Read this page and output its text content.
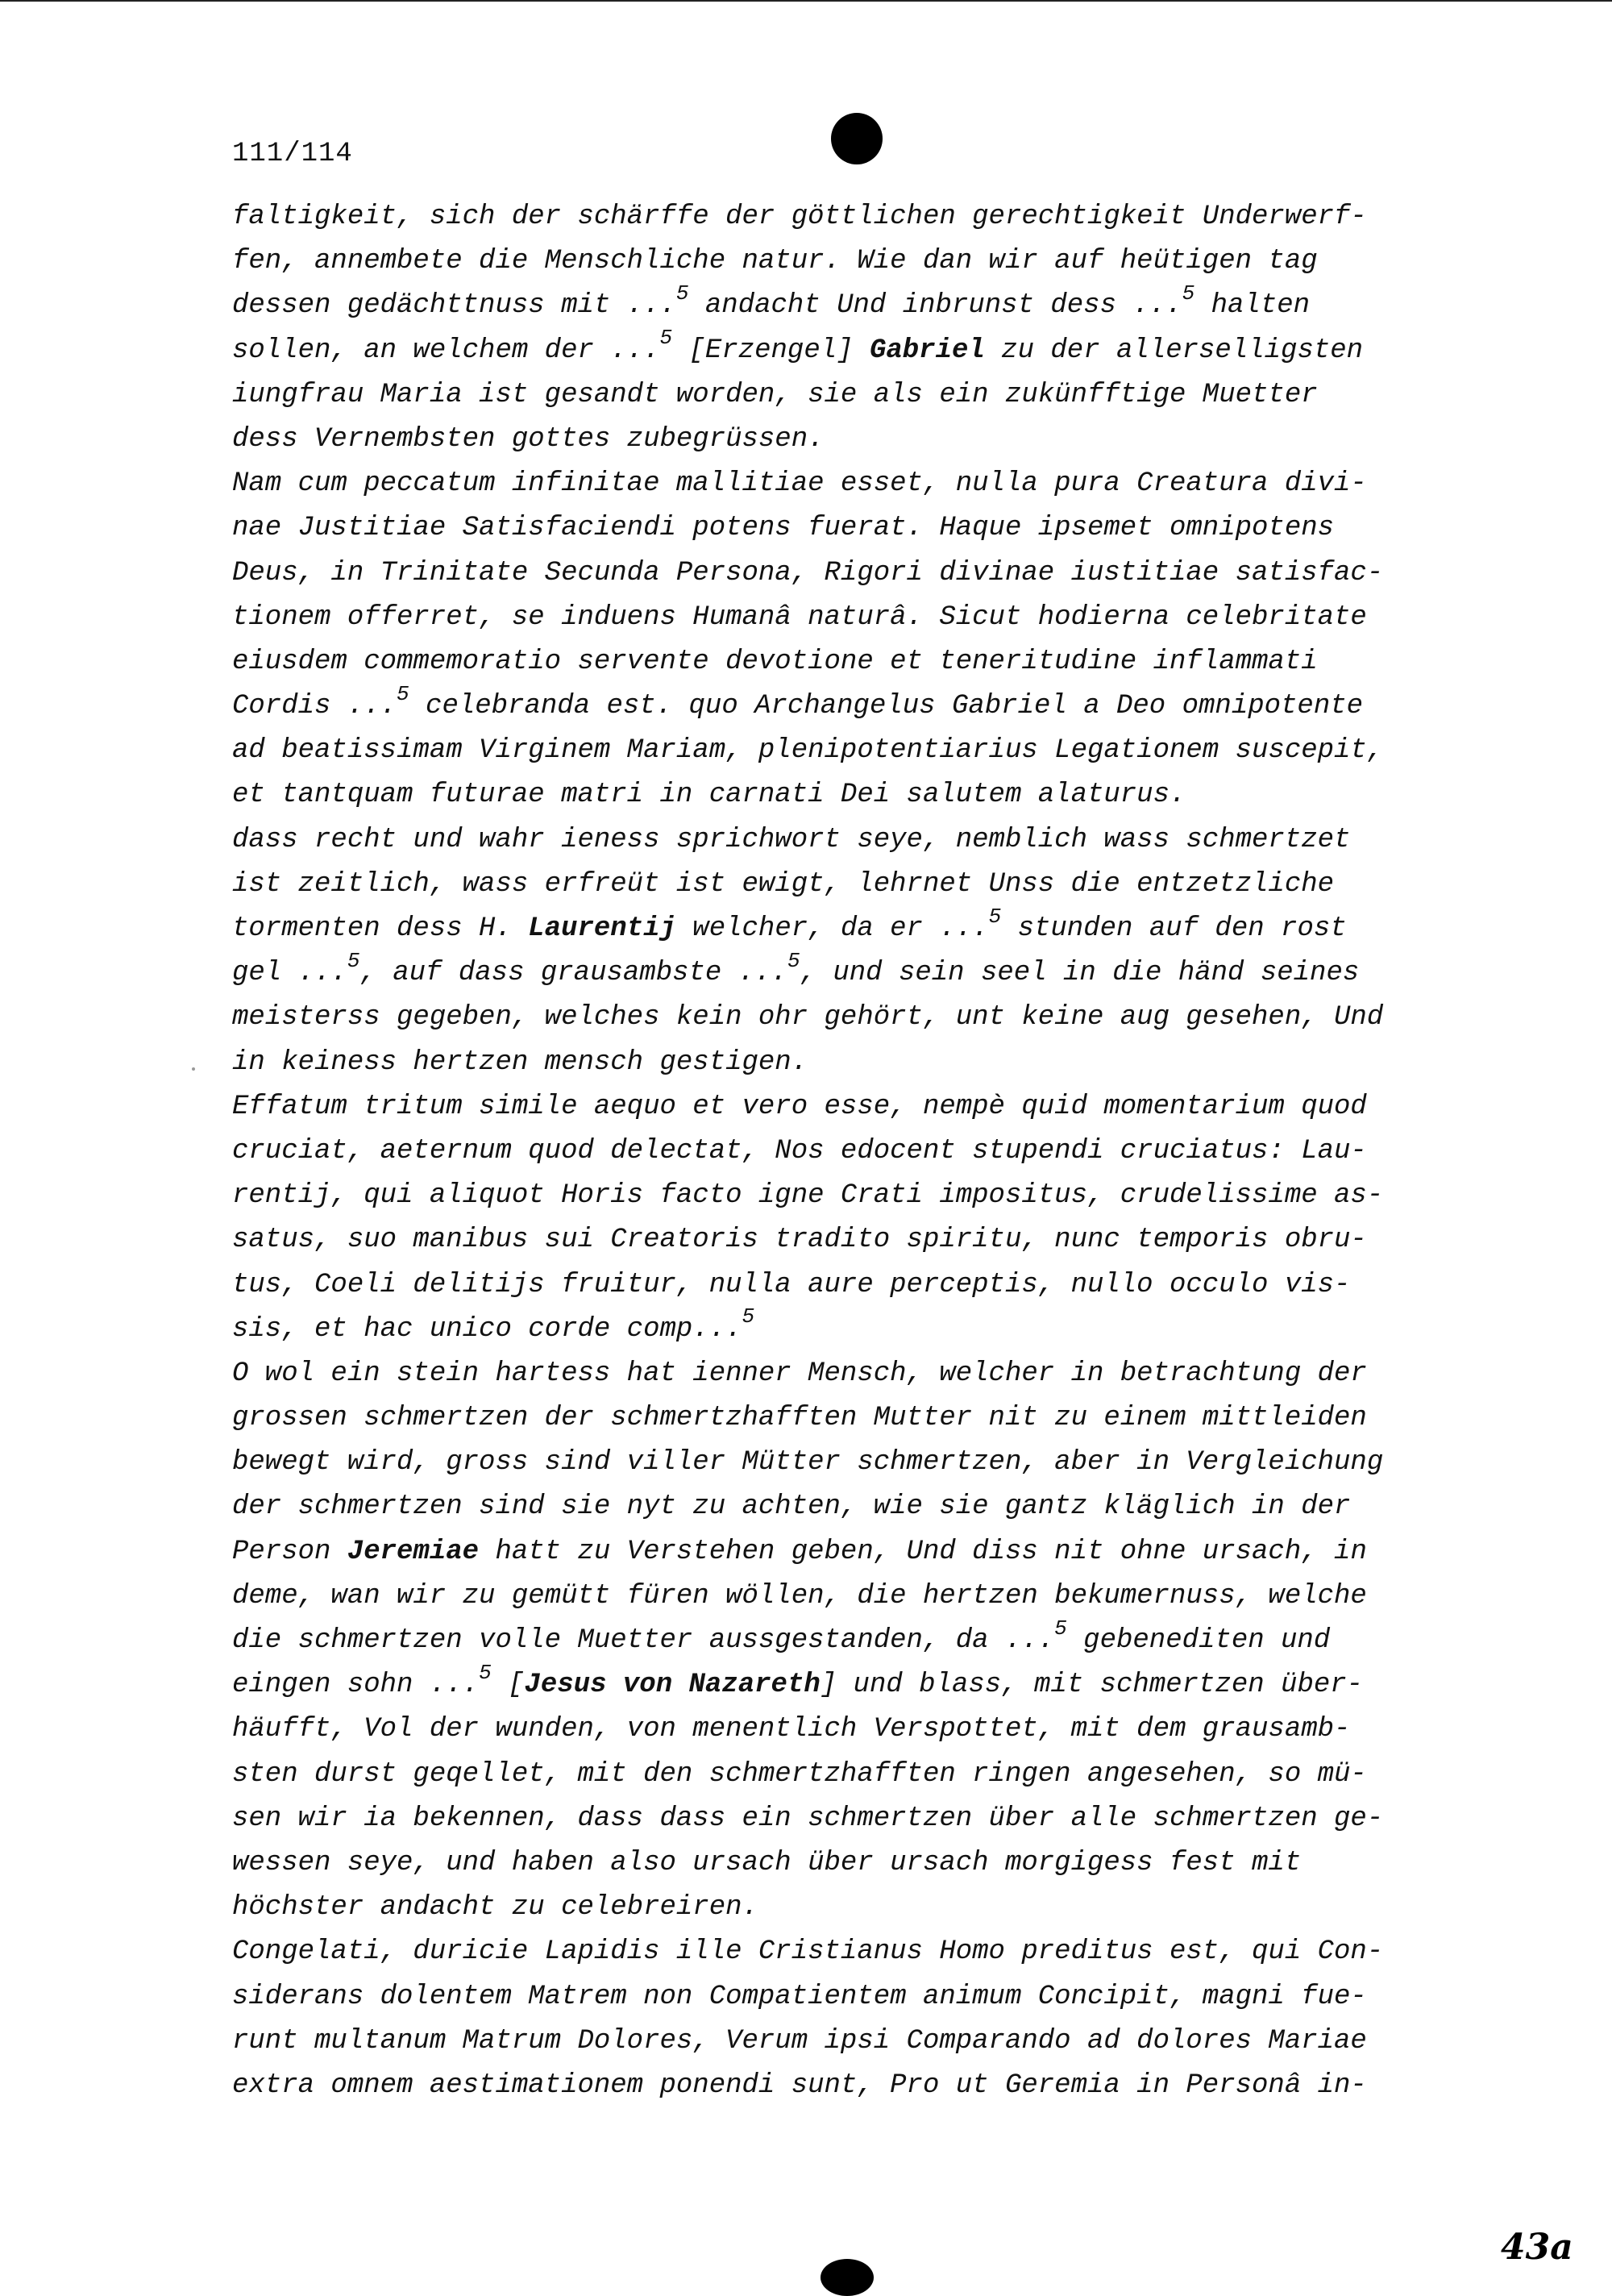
111/114
faltigkeit, sich der schärffe der göttlichen gerechtigkeit Underwerf-
fen, annembete die Menschliche natur. Wie dan wir auf heütigen tag
dessen gedächttnuss mit ...$^5$ andacht Und inbrunst dess ...$^5$ halten
sollen, an welchem der ...$^5$ [Erzengel] Gabriel zu der allerselligsten
iungfrau Maria ist gesandt worden, sie als ein zukünfftige Muetter
dess Vernembsten gottes zubegrüssen.
Nam cum peccatum infinitae mallitiae esset, nulla pura Creatura divi-
nae Justitiae Satisfaciendi potens fuerat. Haque ipsemet omnipotens
Deus, in Trinitate Secunda Persona, Rigori divinae iustitiae satisfac-
tionem offerret, se induens Humanâ naturâ. Sicut hodierna celebritate
eiusdem commemoratio servente devotione et teneritudine inflammati
Cordis ...$^5$ celebranda est. quo Archangelus Gabriel a Deo omnipotente
ad beatissimam Virginem Mariam, plenipotentiarius Legationem suscepit,
et tantquam futurae matri in carnati Dei salutem alaturus.
dass recht und wahr ieness sprichwort seye, nemblich wass schmertzet
ist zeitlich, wass erfreüt ist ewigt, lehrnet Unss die entzetzliche
tormenten dess H. Laurentij welcher, da er ...$^5$ stunden auf den rost
gel ...$^5$, auf dass grausambste ...$^5$, und sein seel in die händ seines
meisterss gegeben, welches kein ohr gehört, unt keine aug gesehen, Und
in keiness hertzen mensch gestigen.
Effatum tritum simile aequo et vero esse, nempè quid momentarium quod
cruciat, aeternum quod delectat, Nos edocent stupendi cruciatus: Lau-
rentij, qui aliquot Horis facto igne Crati impositus, crudelissime as-
satus, suo manibus sui Creatoris tradito spiritu, nunc temporis obru-
tus, Coeli delitijs fruitur, nulla aure perceptis, nullo occulo vis-
sis, et hac unico corde comp...$^5$
O wol ein stein hartess hat ienner Mensch, welcher in betrachtung der
grossen schmertzen der schmertzhafften Mutter nit zu einem mittleiden
bewegt wird, gross sind viller Mütter schmertzen, aber in Vergleichung
der schmertzen sind sie nyt zu achten, wie sie gantz kläglich in der
Person Jeremiae hatt zu Verstehen geben, Und diss nit ohne ursach, in
deme, wan wir zu gemütt füren wöllen, die hertzen bekumernuss, welche
die schmertzen volle Muetter aussgestanden, da ...$^5$ gebenediten und
eingen sohn ...$^5$ [Jesus von Nazareth] und blass, mit schmertzen über-
häufft, Vol der wunden, von menentlich Verspottet, mit dem grausamb-
sten durst geqellet, mit den schmertzhafften ringen angesehen, so mü-
sen wir ia bekennen, dass dass ein schmertzen über alle schmertzen ge-
wessen seye, und haben also ursach über ursach morgigess fest mit
höchster andacht zu celebreiren.
Congelati, duricie Lapidis ille Cristianus Homo preditus est, qui Con-
siderans dolentem Matrem non Compatientem animum Concipit, magni fue-
runt multanum Matrum Dolores, Verum ipsi Comparando ad dolores Mariae
extra omnem aestimationem ponendi sunt, Pro ut Geremia in Personâ in-
43a
